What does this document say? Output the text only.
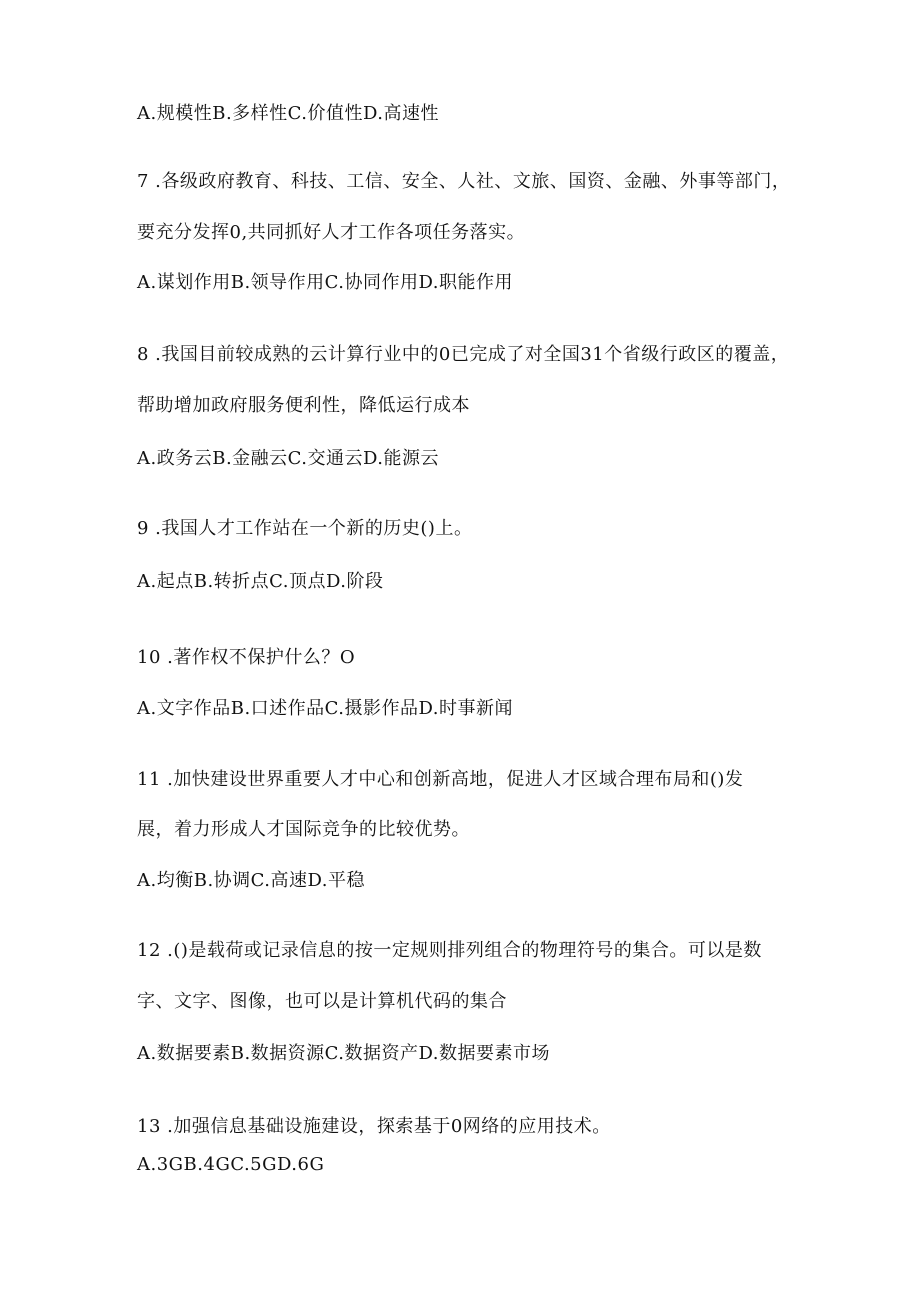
A.规模性B.多样性C.价值性D.高速性
7 .各级政府教育、科技、工信、安全、人社、文旅、国资、金融、外事等部门，
要充分发挥0,共同抓好人才工作各项任务落实。
A.谋划作用B.领导作用C.协同作用D.职能作用
8 .我国目前较成熟的云计算行业中的0已完成了对全国31个省级行政区的覆盖，
帮助增加政府服务便利性，降低运行成本
A.政务云B.金融云C.交通云D.能源云
9 .我国人才工作站在一个新的历史()上。
A.起点B.转折点C.顶点D.阶段
10 .著作权不保护什么？O
A.文字作品B.口述作品C.摄影作品D.时事新闻
11 .加快建设世界重要人才中心和创新高地，促进人才区域合理布局和()发
展，着力形成人才国际竞争的比较优势。
A.均衡B.协调C.高速D.平稳
12 .()是载荷或记录信息的按一定规则排列组合的物理符号的集合。可以是数
字、文字、图像，也可以是计算机代码的集合
A.数据要素B.数据资源C.数据资产D.数据要素市场
13 .加强信息基础设施建设，探索基于0网络的应用技术。
A.3GB.4GC.5GD.6G
